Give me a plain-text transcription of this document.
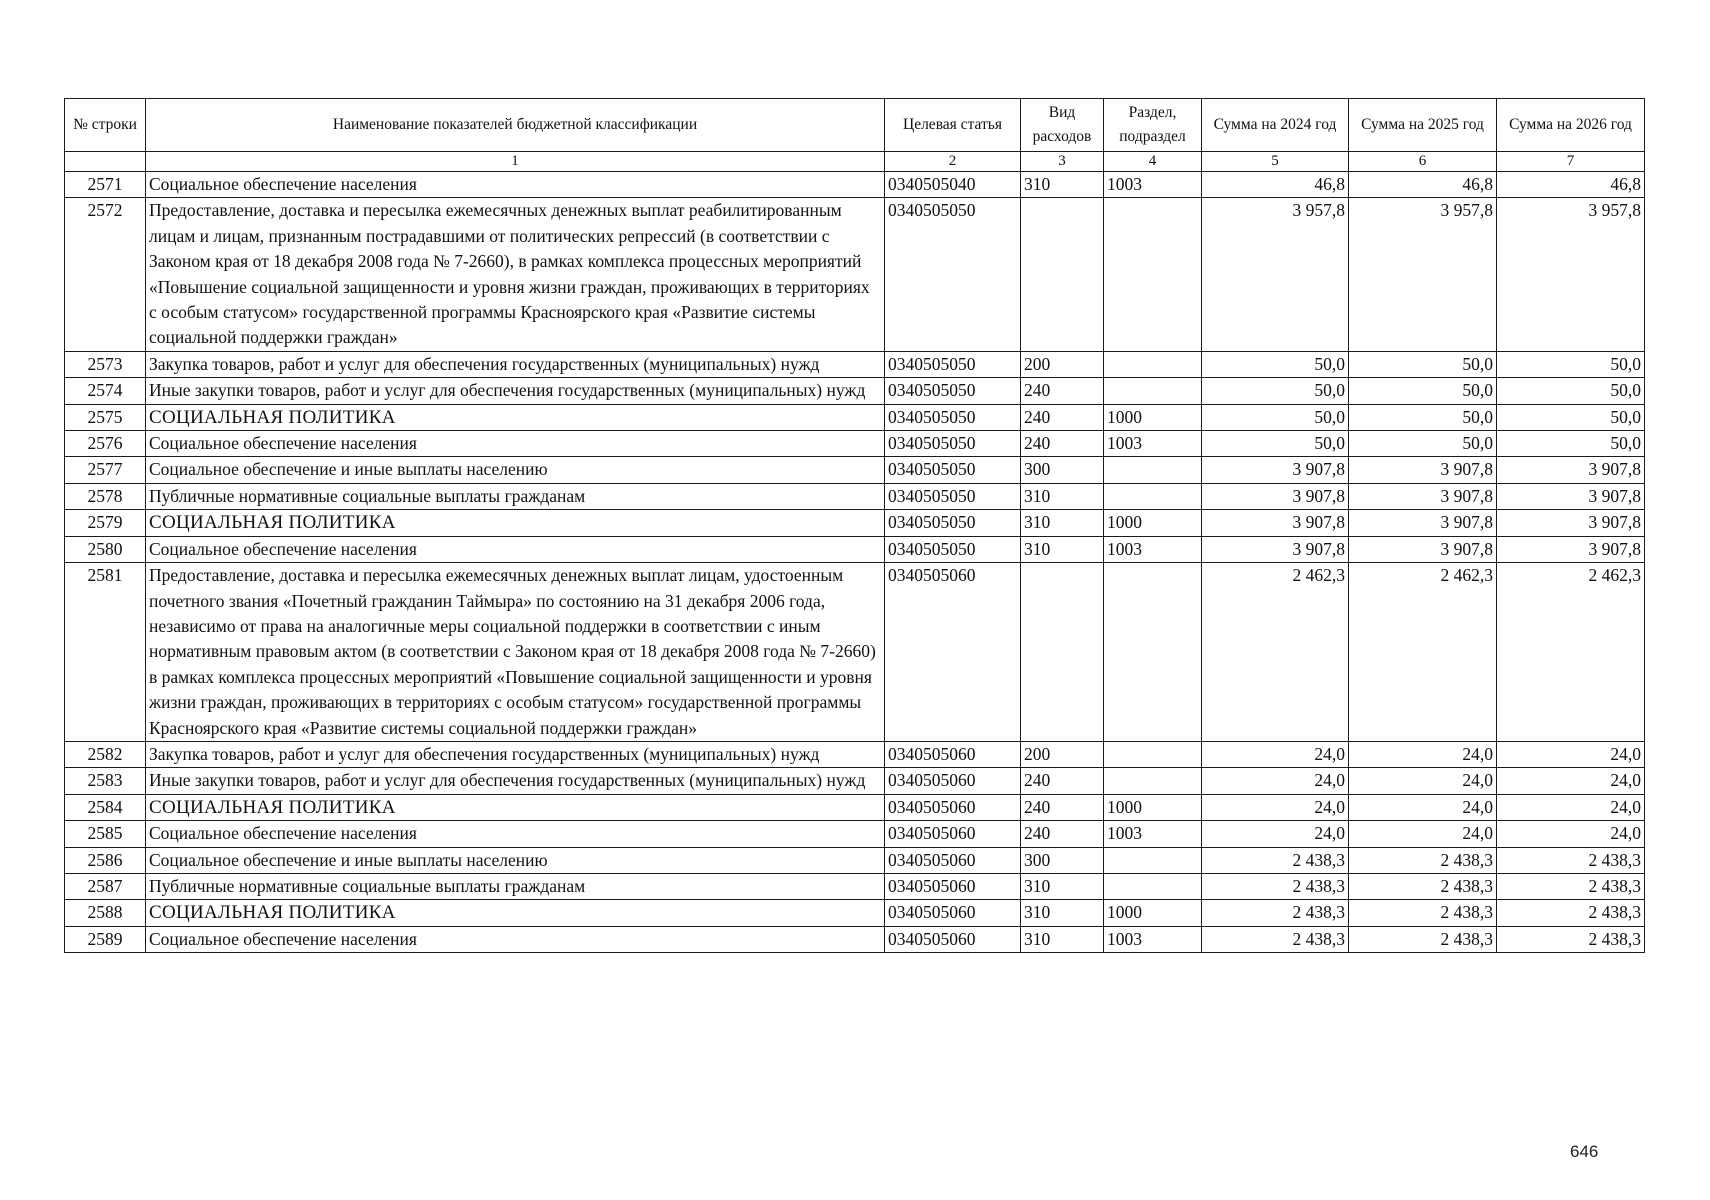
№ строки	Наименование показателей бюджетной классификации	Целевая статья	Вид расходов	Раздел, подраздел	Сумма на 2024 год	Сумма на 2025 год	Сумма на 2026 год
	1	2	3	4	5	6	7
2571	Социальное обеспечение населения	0340505040	310	1003	46,8	46,8	46,8
2572	Предоставление, доставка и пересылка ежемесячных денежных выплат реабилитированным лицам и лицам, признанным пострадавшими от политических репрессий (в соответствии с Законом края от 18 декабря 2008 года № 7-2660), в рамках комплекса процессных мероприятий «Повышение социальной защищенности и уровня жизни граждан, проживающих в территориях с особым статусом» государственной программы Красноярского края «Развитие системы социальной поддержки граждан»	0340505050			3 957,8	3 957,8	3 957,8
2573	Закупка товаров, работ и услуг для обеспечения государственных (муниципальных) нужд	0340505050	200		50,0	50,0	50,0
2574	Иные закупки товаров, работ и услуг для обеспечения государственных (муниципальных) нужд	0340505050	240		50,0	50,0	50,0
2575	СОЦИАЛЬНАЯ ПОЛИТИКА	0340505050	240	1000	50,0	50,0	50,0
2576	Социальное обеспечение населения	0340505050	240	1003	50,0	50,0	50,0
2577	Социальное обеспечение и иные выплаты населению	0340505050	300		3 907,8	3 907,8	3 907,8
2578	Публичные нормативные социальные выплаты гражданам	0340505050	310		3 907,8	3 907,8	3 907,8
2579	СОЦИАЛЬНАЯ ПОЛИТИКА	0340505050	310	1000	3 907,8	3 907,8	3 907,8
2580	Социальное обеспечение населения	0340505050	310	1003	3 907,8	3 907,8	3 907,8
2581	Предоставление, доставка и пересылка ежемесячных денежных выплат лицам, удостоенным почетного звания «Почетный гражданин Таймыра» по состоянию на 31 декабря 2006 года, независимо от права на аналогичные меры социальной поддержки в соответствии с иным нормативным правовым актом (в соответствии с Законом края от 18 декабря 2008 года № 7-2660) в рамках комплекса процессных мероприятий «Повышение социальной защищенности и уровня жизни граждан, проживающих в территориях с особым статусом» государственной программы Красноярского края «Развитие системы социальной поддержки граждан»	0340505060			2 462,3	2 462,3	2 462,3
2582	Закупка товаров, работ и услуг для обеспечения государственных (муниципальных) нужд	0340505060	200		24,0	24,0	24,0
2583	Иные закупки товаров, работ и услуг для обеспечения государственных (муниципальных) нужд	0340505060	240		24,0	24,0	24,0
2584	СОЦИАЛЬНАЯ ПОЛИТИКА	0340505060	240	1000	24,0	24,0	24,0
2585	Социальное обеспечение населения	0340505060	240	1003	24,0	24,0	24,0
2586	Социальное обеспечение и иные выплаты населению	0340505060	300		2 438,3	2 438,3	2 438,3
2587	Публичные нормативные социальные выплаты гражданам	0340505060	310		2 438,3	2 438,3	2 438,3
2588	СОЦИАЛЬНАЯ ПОЛИТИКА	0340505060	310	1000	2 438,3	2 438,3	2 438,3
2589	Социальное обеспечение населения	0340505060	310	1003	2 438,3	2 438,3	2 438,3
646
